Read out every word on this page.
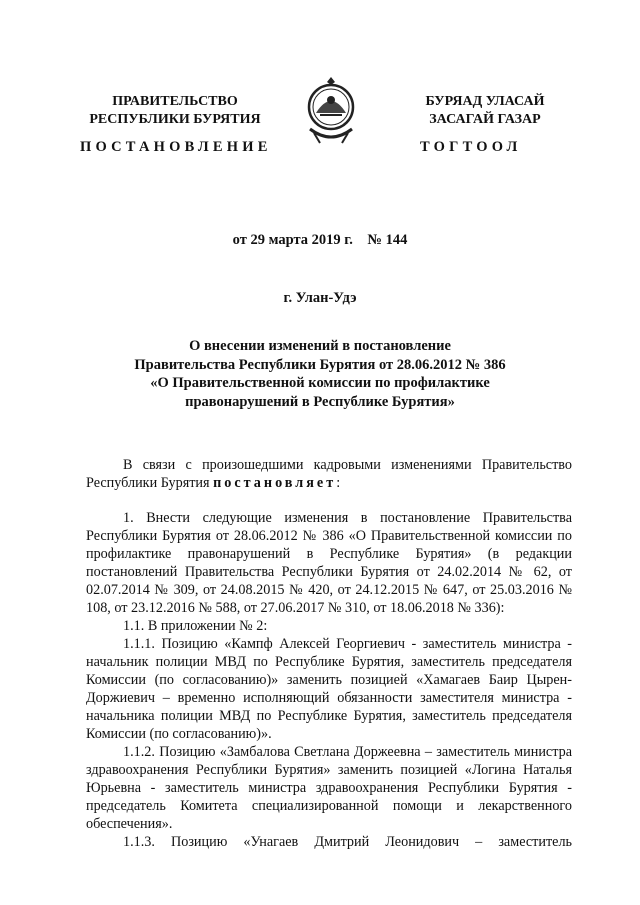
ПРАВИТЕЛЬСТВО
РЕСПУБЛИКИ БУРЯТИЯ
БУРЯАД УЛАСАЙ
ЗАСАГАЙ ГАЗАР
ПОСТАНОВЛЕНИЕ	ТОГТООЛ
от 29 марта 2019 г.    № 144
г. Улан-Удэ
О внесении изменений в постановление
Правительства Республики Бурятия от 28.06.2012 № 386
«О Правительственной комиссии по профилактике
правонарушений в Республике Бурятия»

В связи с произошедшими кадровыми изменениями Правительство Республики Бурятия постановляет:

1. Внести следующие изменения в постановление Правительства Республики Бурятия от 28.06.2012 № 386 «О Правительственной комиссии по профилактике правонарушений в Республике Бурятия» (в редакции постановлений Правительства Республики Бурятия от 24.02.2014 № 62, от 02.07.2014 № 309, от 24.08.2015 № 420, от 24.12.2015 № 647, от 25.03.2016 № 108, от 23.12.2016 № 588, от 27.06.2017 № 310, от 18.06.2018 № 336):

1.1. В приложении № 2:

1.1.1. Позицию «Кампф Алексей Георгиевич - заместитель министра - начальник полиции МВД по Республике Бурятия, заместитель председателя Комиссии (по согласованию)» заменить позицией «Хамагаев Баир Цырен-Доржиевич – временно исполняющий обязанности заместителя министра - начальника полиции МВД по Республике Бурятия, заместитель председателя Комиссии (по согласованию)».

1.1.2. Позицию «Замбалова Светлана Доржеевна – заместитель министра здравоохранения Республики Бурятия» заменить позицией «Логина Наталья Юрьевна - заместитель министра здравоохранения Республики Бурятия - председатель Комитета специализированной помощи и лекарственного обеспечения».

1.1.3. Позицию «Унагаев Дмитрий Леонидович – заместитель
